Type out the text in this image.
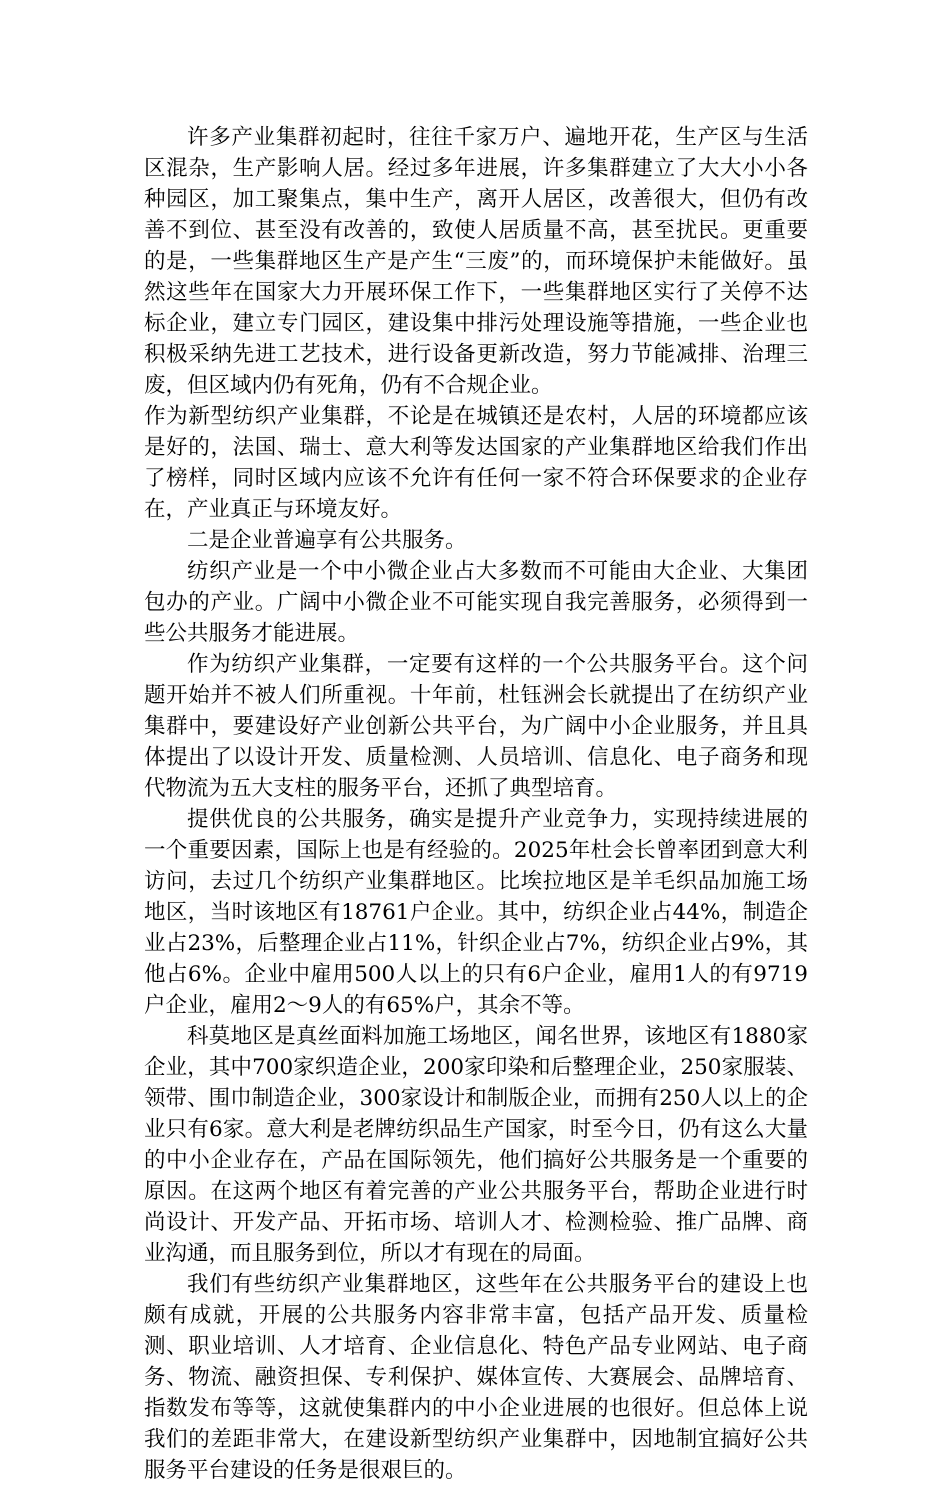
许多产业集群初起时，往往千家万户、遍地开花，生产区与生活区混杂，生产影响人居。经过多年进展，许多集群建立了大大小小各种园区，加工聚集点，集中生产，离开人居区，改善很大，但仍有改善不到位、甚至没有改善的，致使人居质量不高，甚至扰民。更重要的是，一些集群地区生产是产生“三废”的，而环境保护未能做好。虽然这些年在国家大力开展环保工作下，一些集群地区实行了关停不达标企业，建立专门园区，建设集中排污处理设施等措施，一些企业也积极采纳先进工艺技术，进行设备更新改造，努力节能减排、治理三废，但区域内仍有死角，仍有不合规企业。

作为新型纺织产业集群，不论是在城镇还是农村，人居的环境都应该是好的，法国、瑞士、意大利等发达国家的产业集群地区给我们作出了榜样，同时区域内应该不允许有任何一家不符合环保要求的企业存在，产业真正与环境友好。

二是企业普遍享有公共服务。

纺织产业是一个中小微企业占大多数而不可能由大企业、大集团包办的产业。广阔中小微企业不可能实现自我完善服务，必须得到一些公共服务才能进展。

作为纺织产业集群，一定要有这样的一个公共服务平台。这个问题开始并不被人们所重视。十年前，杜钰洲会长就提出了在纺织产业集群中，要建设好产业创新公共平台，为广阔中小企业服务，并且具体提出了以设计开发、质量检测、人员培训、信息化、电子商务和现代物流为五大支柱的服务平台，还抓了典型培育。

提供优良的公共服务，确实是提升产业竞争力，实现持续进展的一个重要因素，国际上也是有经验的。2025年杜会长曾率团到意大利访问，去过几个纺织产业集群地区。比埃拉地区是羊毛织品加施工场地区，当时该地区有18761户企业。其中，纺织企业占44%，制造企业占23%，后整理企业占11%，针织企业占7%，纺织企业占9%，其他占6%。企业中雇用500人以上的只有6户企业，雇用1人的有9719户企业，雇用2～9人的有65%户，其余不等。

科莫地区是真丝面料加施工场地区，闻名世界，该地区有1880家企业，其中700家织造企业，200家印染和后整理企业，250家服装、领带、围巾制造企业，300家设计和制版企业，而拥有250人以上的企业只有6家。意大利是老牌纺织品生产国家，时至今日，仍有这么大量的中小企业存在，产品在国际领先，他们搞好公共服务是一个重要的原因。在这两个地区有着完善的产业公共服务平台，帮助企业进行时尚设计、开发产品、开拓市场、培训人才、检测检验、推广品牌、商业沟通，而且服务到位，所以才有现在的局面。

我们有些纺织产业集群地区，这些年在公共服务平台的建设上也颇有成就，开展的公共服务内容非常丰富，包括产品开发、质量检测、职业培训、人才培育、企业信息化、特色产品专业网站、电子商务、物流、融资担保、专利保护、媒体宣传、大赛展会、品牌培育、指数发布等等，这就使集群内的中小企业进展的也很好。但总体上说我们的差距非常大，在建设新型纺织产业集群中，因地制宜搞好公共服务平台建设的任务是很艰巨的。
